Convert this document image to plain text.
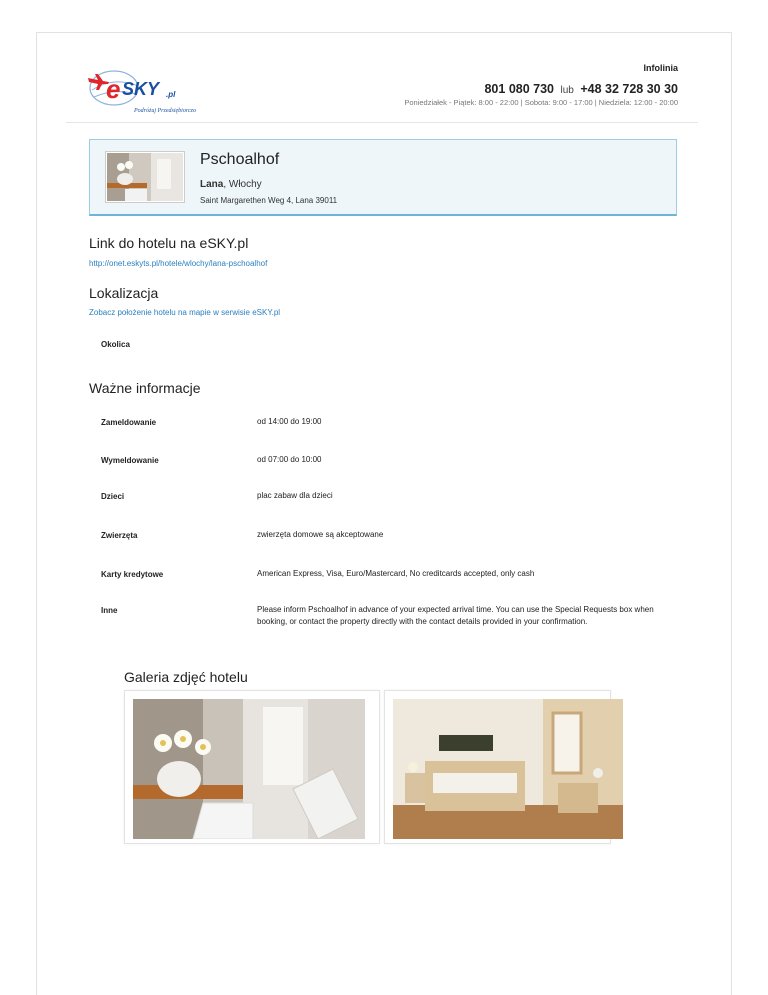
e SKY .pl
Podróżuj Przedsiębiorczo
Infolinia
801 080 730 lub +48 32 728 30 30
Poniedziałek - Piątek: 8:00 - 22:00 | Sobota: 9:00 - 17:00 | Niedziela: 12:00 - 20:00
Pschoalhof
Lana, Włochy
Saint Margarethen Weg 4, Lana 39011
Link do hotelu na eSKY.pl
http://onet.eskyts.pl/hotele/wlochy/lana-pschoalhof
Lokalizacja
Zobacz położenie hotelu na mapie w serwisie eSKY.pl
Okolica
Ważne informacje
Zameldowanie	od 14:00 do 19:00
Wymeldowanie	od 07:00 do 10:00
Dzieci	plac zabaw dla dzieci
Zwierzęta	zwierzęta domowe są akceptowane
Karty kredytowe	American Express, Visa, Euro/Mastercard, No creditcards accepted, only cash
Inne	Please inform Pschoalhof in advance of your expected arrival time. You can use the Special Requests box when booking, or contact the property directly with the contact details provided in your confirmation.
Galeria zdjęć hotelu
